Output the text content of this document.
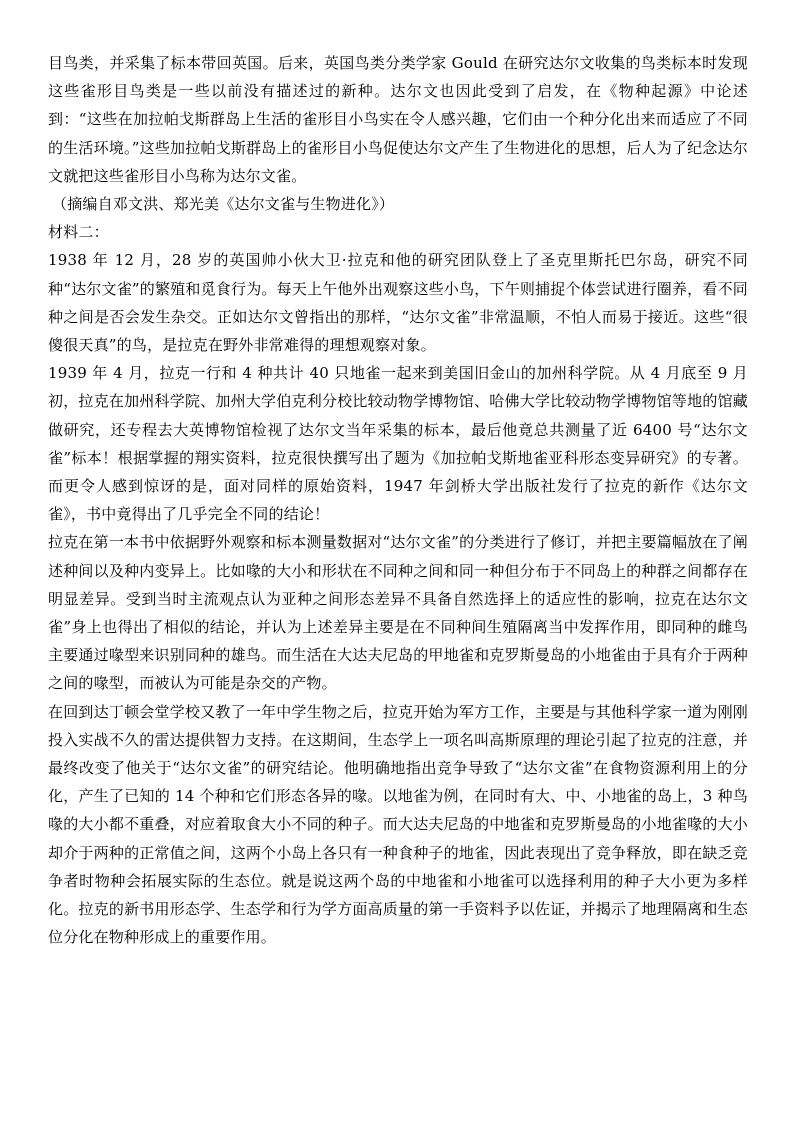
目鸟类，并采集了标本带回英国。后来，英国鸟类分类学家 Gould 在研究达尔文收集的鸟类标本时发现这些雀形目鸟类是一些以前没有描述过的新种。达尔文也因此受到了启发，在《物种起源》中论述到：“这些在加拉帕戈斯群岛上生活的雀形目小鸟实在令人感兴趣，它们由一个种分化出来而适应了不同的生活环境。”这些加拉帕戈斯群岛上的雀形目小鸟促使达尔文产生了生物进化的思想，后人为了纪念达尔文就把这些雀形目小鸟称为达尔文雀。

（摘编自邓文洪、郑光美《达尔文雀与生物进化》）

材料二：

1938 年 12 月，28 岁的英国帅小伙大卫·拉克和他的研究团队登上了圣克里斯托巴尔岛，研究不同种“达尔文雀”的繁殖和觅食行为。每天上午他外出观察这些小鸟，下午则捕捉个体尝试进行圈养，看不同种之间是否会发生杂交。正如达尔文曾指出的那样，“达尔文雀”非常温顺，不怕人而易于接近。这些“很傻很天真”的鸟，是拉克在野外非常难得的理想观察对象。

1939 年 4 月，拉克一行和 4 种共计 40 只地雀一起来到美国旧金山的加州科学院。从 4 月底至 9 月初，拉克在加州科学院、加州大学伯克利分校比较动物学博物馆、哈佛大学比较动物学博物馆等地的馆藏做研究，还专程去大英博物馆检视了达尔文当年采集的标本，最后他竟总共测量了近 6400 号“达尔文雀”标本！根据掌握的翔实资料，拉克很快撰写出了题为《加拉帕戈斯地雀亚科形态变异研究》的专著。而更令人感到惊讶的是，面对同样的原始资料，1947 年剑桥大学出版社发行了拉克的新作《达尔文雀》，书中竟得出了几乎完全不同的结论！

拉克在第一本书中依据野外观察和标本测量数据对“达尔文雀”的分类进行了修订，并把主要篇幅放在了阐述种间以及种内变异上。比如喙的大小和形状在不同种之间和同一种但分布于不同岛上的种群之间都存在明显差异。受到当时主流观点认为亚种之间形态差异不具备自然选择上的适应性的影响，拉克在达尔文雀”身上也得出了相似的结论，并认为上述差异主要是在不同种间生殖隔离当中发挥作用，即同种的雌鸟主要通过喙型来识别同种的雄鸟。而生活在大达夫尼岛的甲地雀和克罗斯曼岛的小地雀由于具有介于两种之间的喙型，而被认为可能是杂交的产物。

在回到达丁顿会堂学校又教了一年中学生物之后，拉克开始为军方工作，主要是与其他科学家一道为刚刚投入实战不久的雷达提供智力支持。在这期间，生态学上一项名叫高斯原理的理论引起了拉克的注意，并最终改变了他关于“达尔文雀”的研究结论。他明确地指出竞争导致了“达尔文雀”在食物资源利用上的分化，产生了已知的 14 个种和它们形态各异的喙。以地雀为例，在同时有大、中、小地雀的岛上，3 种鸟喙的大小都不重叠，对应着取食大小不同的种子。而大达夫尼岛的中地雀和克罗斯曼岛的小地雀喙的大小却介于两种的正常值之间，这两个小岛上各只有一种食种子的地雀，因此表现出了竞争释放，即在缺乏竞争者时物种会拓展实际的生态位。就是说这两个岛的中地雀和小地雀可以选择利用的种子大小更为多样化。拉克的新书用形态学、生态学和行为学方面高质量的第一手资料予以佐证，并揭示了地理隔离和生态位分化在物种形成上的重要作用。
